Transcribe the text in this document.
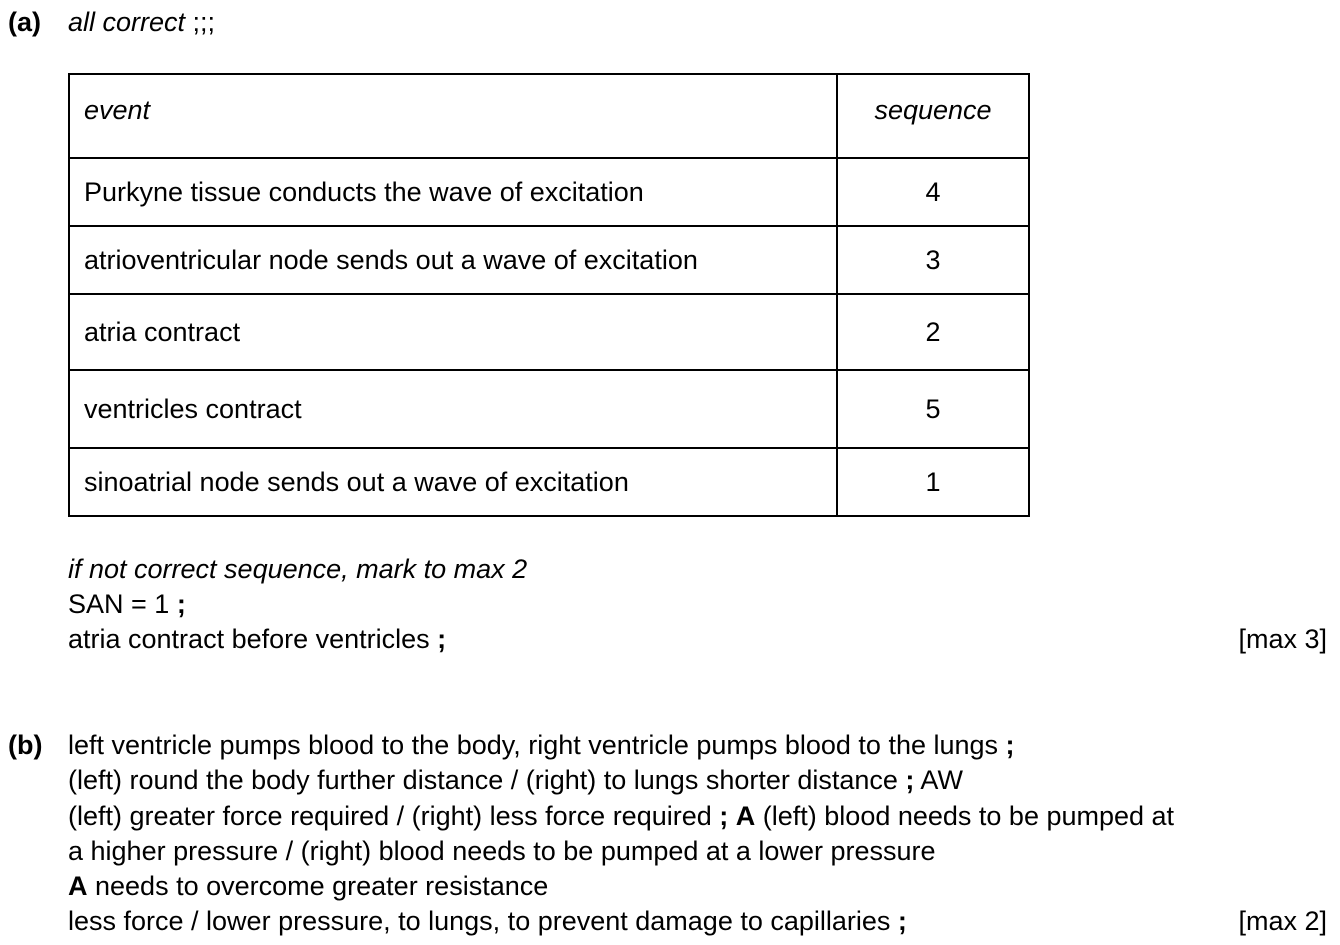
(a) all correct ;;;
event	sequence
Purkyne tissue conducts the wave of excitation	4
atrioventricular node sends out a wave of excitation	3
atria contract	2
ventricles contract	5
sinoatrial node sends out a wave of excitation	1
if not correct sequence, mark to max 2
SAN = 1 ;
atria contract before ventricles ;	[max 3]
(b) left ventricle pumps blood to the body, right ventricle pumps blood to the lungs ;
(left) round the body further distance / (right) to lungs shorter distance ; AW
(left) greater force required / (right) less force required ; A (left) blood needs to be pumped at
a higher pressure / (right) blood needs to be pumped at a lower pressure
A needs to overcome greater resistance
less force / lower pressure, to lungs, to prevent damage to capillaries ;	[max 2]
